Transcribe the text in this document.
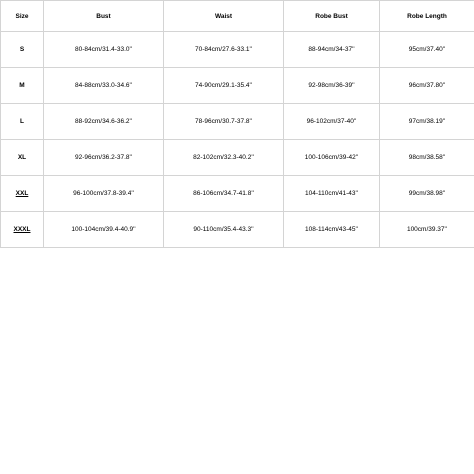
Size	Bust	Waist	Robe Bust	Robe Length
S	80-84cm/31.4-33.0''	70-84cm/27.6-33.1''	88-94cm/34-37''	95cm/37.40''
M	84-88cm/33.0-34.6''	74-90cm/29.1-35.4''	92-98cm/36-39''	96cm/37.80''
L	88-92cm/34.6-36.2''	78-96cm/30.7-37.8''	96-102cm/37-40''	97cm/38.19''
XL	92-96cm/36.2-37.8''	82-102cm/32.3-40.2''	100-106cm/39-42''	98cm/38.58''
XXL	96-100cm/37.8-39.4''	86-106cm/34.7-41.8''	104-110cm/41-43''	99cm/38.98''
XXXL	100-104cm/39.4-40.9''	90-110cm/35.4-43.3''	108-114cm/43-45''	100cm/39.37''
